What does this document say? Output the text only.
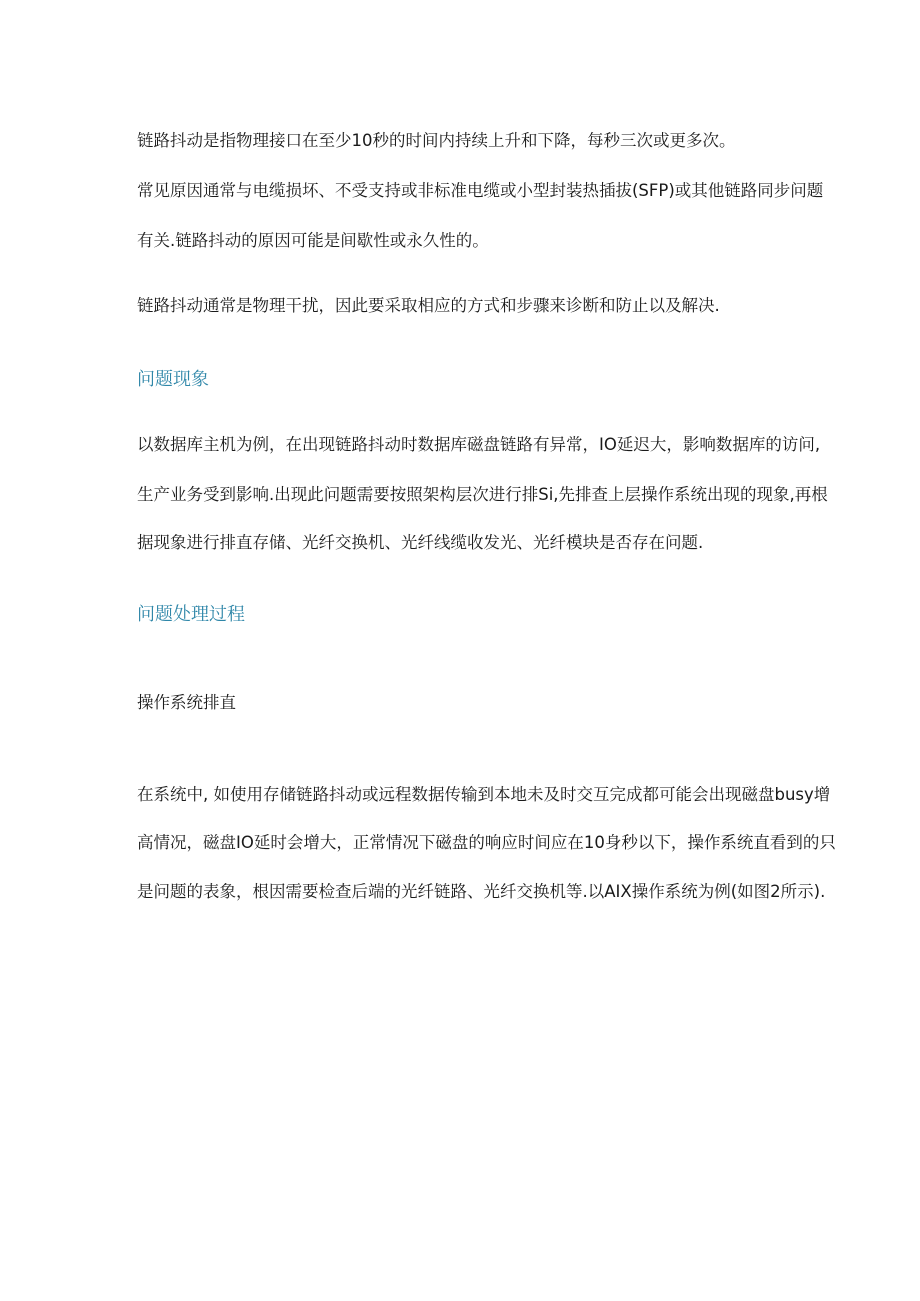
链路抖动是指物理接口在至少10秒的时间内持续上升和下降，每秒三次或更多次。
常见原因通常与电缆损坏、不受支持或非标准电缆或小型封装热插拔(SFP)或其他链路同步问题
有关.链路抖动的原因可能是间歇性或永久性的。
链路抖动通常是物理干扰，因此要采取相应的方式和步骤来诊断和防止以及解决.
问题现象
以数据库主机为例，在出现链路抖动时数据库磁盘链路有异常，IO延迟大，影响数据库的访问,
生产业务受到影响.出现此问题需要按照架构层次进行排Si,先排查上层操作系统出现的现象,再根
据现象进行排直存储、光纤交换机、光纤线缆收发光、光纤模块是否存在问题.
问题处理过程
操作系统排直
在系统中, 如使用存储链路抖动或远程数据传输到本地未及时交互完成都可能会出现磁盘busy增
高情况，磁盘IO延时会增大，正常情况下磁盘的响应时间应在10身秒以下，操作系统直看到的只
是问题的表象，根因需要检查后端的光纤链路、光纤交换机等.以AIX操作系统为例(如图2所示).
